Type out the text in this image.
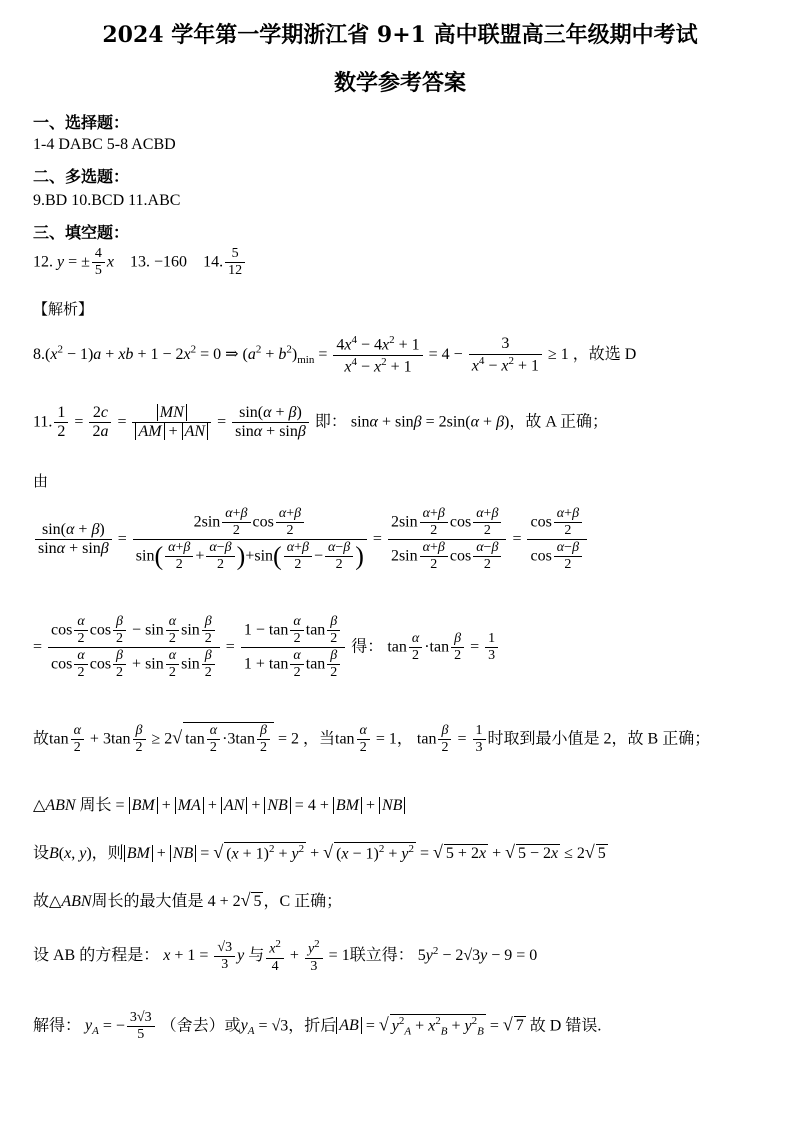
2024 学年第一学期浙江省 9+1 高中联盟高三年级期中考试
数学参考答案
一、选择题：
1-4 DABC 5-8 ACBD
二、多选题：
9.BD 10.BCD 11.ABC
三、填空题：
12. y = ± $\frac{4}{5}$ x 13. −160 14. $\frac{5}{12}$
【解析】
$8.(x^2 - 1)a$ + xb + $1 - 2x^2 = 0$ ⇒ $(a^2 + b^2)_{min} = \frac{4x^4 - 4x^2 + 1}{x^4 - x^2 + 1} = 4 - \frac{3}{x^4 - x^2 + 1} \ge 1$ ，故选 D
11. $\frac{1}{2} = \frac{2c}{2a} = \frac{MN}{AM + AN} = \frac{\sin(\alpha + \beta)}{\sin\alpha + \sin\beta}$ 即： sinα + sinβ = 2sin(α + β)，故 A 正确；
由
$\frac{\sin(\alpha + \beta)}{\sin\alpha + \sin\beta} = \frac{2\sin \frac{\alpha+\beta}{2} \cos \frac{\alpha+\beta}{2}}{\sin( \frac{\alpha+\beta}{2} + \frac{\alpha-\beta}{2} )+\sin( \frac{\alpha+\beta}{2} - \frac{\alpha-\beta}{2} )} = \frac{2\sin \frac{\alpha+\beta}{2} \cos \frac{\alpha+\beta}{2}}{2\sin \frac{\alpha+\beta}{2} \cos \frac{\alpha-\beta}{2}} = \frac{\cos \frac{\alpha+\beta}{2}}{\cos \frac{\alpha-\beta}{2}}$
= $\frac{\cos \frac{\alpha}{2} \cos \frac{\beta}{2} - \sin \frac{\alpha}{2} \sin \frac{\beta}{2}}{\cos \frac{\alpha}{2} \cos \frac{\beta}{2} + \sin \frac{\alpha}{2} \sin \frac{\beta}{2}} = \frac{1 - \tan \frac{\alpha}{2} \tan \frac{\beta}{2}}{1 + \tan \frac{\alpha}{2} \tan \frac{\beta}{2}}$ 得： $\tan \frac{\alpha}{2} \cdot\tan \frac{\beta}{2} = \frac{1}{3}$
故$\tan \frac{\alpha}{2} + 3\tan \frac{\beta}{2} \ge 2√$ $\tan \frac{\alpha}{2} \cdot 3\tan \frac{\beta}{2} = 2$ ，当$\tan \frac{\alpha}{2} = 1$， $\tan \frac{\beta}{2} = \frac{1}{3}$ 时取到最小值是 2，故 B 正确；
△ABN 周长 = BM + MA + AN + NB = 4 + BM + NB
设B(x, y)，则 BM + NB = √ $(x + 1)^2 + y^2$ + √ $(x - 1)^2 + y^2$ = √ 5 + 2x + √ 5 − 2x ≤ 2√ 5
故△ABN周长的最大值是 4 + 2√ 5 ，C 正确；
设 AB 的方程是： $x + 1 = \frac{√3}{3}$ y 与 $\frac{x^2}{4} + \frac{y^2}{3} = 1$联立得： $5y^2 - 2√3y - 9 = 0$
解得： $y_A$ = − $\frac{3√3}{5}$ （舍去）或$y_A = √3$，折后 AB = √ $y^2_A + x^2_B + y^2_B$ = √ 7 故 D 错误.
